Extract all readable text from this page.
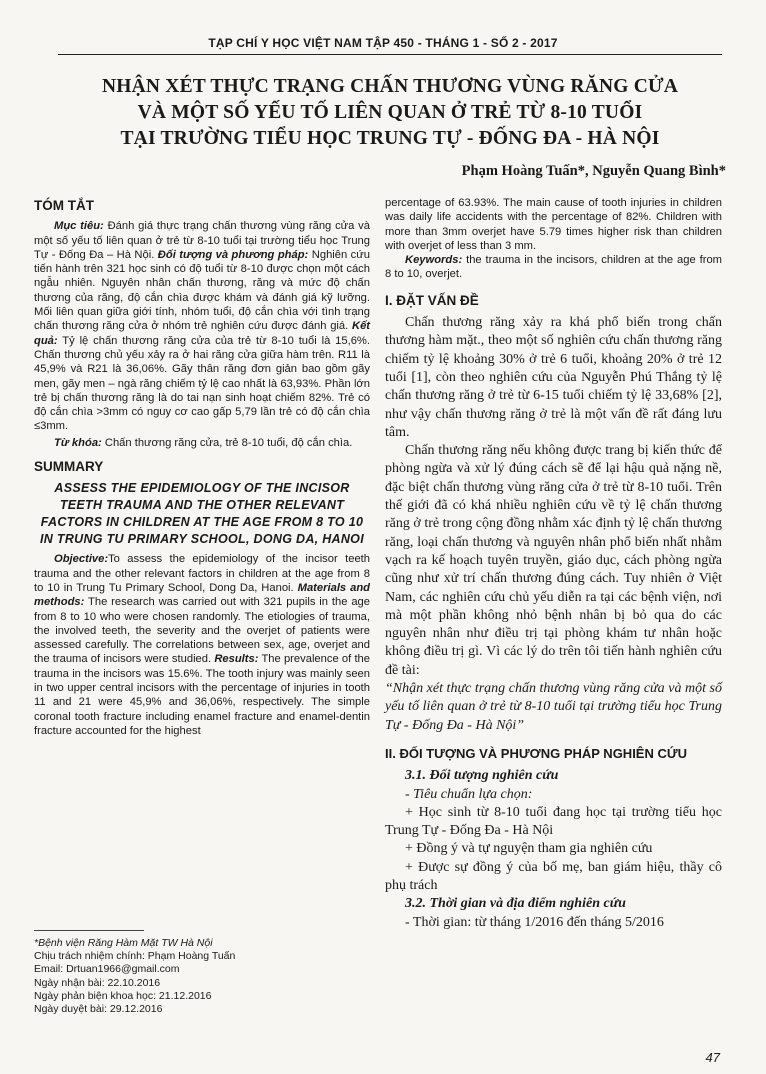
TẠP CHÍ Y HỌC VIỆT NAM TẬP 450 - THÁNG 1 - SỐ 2 - 2017
NHẬN XÉT THỰC TRẠNG CHẤN THƯƠNG VÙNG RĂNG CỬA
VÀ MỘT SỐ YẾU TỐ LIÊN QUAN Ở TRẺ TỪ 8-10 TUỔI
TẠI TRƯỜNG TIỂU HỌC TRUNG TỰ - ĐỐNG ĐA - HÀ NỘI
Phạm Hoàng Tuấn*, Nguyễn Quang Bình*
TÓM TẮT

Mục tiêu: Đánh giá thực trạng chấn thương vùng răng cửa và một số yếu tố liên quan ở trẻ từ 8-10 tuổi tại trường tiểu học Trung Tự - Đống Đa – Hà Nội. Đối tượng và phương pháp: Nghiên cứu tiến hành trên 321 học sinh có độ tuổi từ 8-10 được chọn một cách ngẫu nhiên. Nguyên nhân chấn thương, răng và mức độ chấn thương của răng, độ cắn chìa được khám và đánh giá kỹ lưỡng. Mối liên quan giữa giới tính, nhóm tuổi, độ cắn chìa với tình trạng chấn thương răng cửa ở nhóm trẻ nghiên cứu được đánh giá. Kết quả: Tỷ lệ chấn thương răng cửa của trẻ từ 8-10 tuổi là 15,6%. Chấn thương chủ yếu xảy ra ở hai răng cửa giữa hàm trên. R11 là 45,9% và R21 là 36,06%. Gãy thân răng đơn giản bao gồm gãy men, gãy men – ngà răng chiếm tỷ lệ cao nhất là 63,93%. Phần lớn trẻ bị chấn thương răng là do tai nạn sinh hoạt chiếm 82%. Trẻ có độ cắn chìa >3mm có nguy cơ cao gấp 5,79 lần trẻ có độ cắn chìa ≤3mm.

Từ khóa: Chấn thương răng cửa, trẻ 8-10 tuổi, độ cắn chìa.

SUMMARY
ASSESS THE EPIDEMIOLOGY OF THE INCISOR TEETH TRAUMA AND THE OTHER RELEVANT FACTORS IN CHILDREN AT THE AGE FROM 8 TO 10 IN TRUNG TU PRIMARY SCHOOL, DONG DA, HANOI

Objective:To assess the epidemiology of the incisor teeth trauma and the other relevant factors in children at the age from 8 to 10 in Trung Tu Primary School, Dong Da, Hanoi. Materials and methods: The research was carried out with 321 pupils in the age from 8 to 10 who were chosen randomly. The etiologies of trauma, the involved teeth, the severity and the overjet of patients were assessed carefully. The correlations between sex, age, overjet and the trauma of incisors were studied. Results: The prevalence of the trauma in the incisors was 15.6%. The tooth injury was mainly seen in two upper central incisors with the percentage of injuries in tooth 11 and 21 were 45,9% and 36,06%, respectively. The simple coronal tooth fracture including enamel fracture and enamel-dentin fracture accounted for the highest

*Bệnh viện Răng Hàm Mặt TW Hà Nội

Chịu trách nhiệm chính: Phạm Hoàng Tuấn

Email: Drtuan1966@gmail.com

Ngày nhận bài: 22.10.2016

Ngày phản biện khoa học: 21.12.2016

Ngày duyệt bài: 29.12.2016

percentage of 63.93%. The main cause of tooth injuries in children was daily life accidents with the percentage of 82%. Children with more than 3mm overjet have 5.79 times higher risk than children with overjet of less than 3 mm.

Keywords: the trauma in the incisors, children at the age from 8 to 10, overjet.

I. ĐẶT VẤN ĐỀ

Chấn thương răng xảy ra khá phổ biến trong chấn thương hàm mặt., theo một số nghiên cứu chấn thương răng chiếm tỷ lệ khoảng 30% ở trẻ 6 tuổi, khoảng 20% ở trẻ 12 tuổi [1], còn theo nghiên cứu của Nguyễn Phú Thắng tỷ lệ chấn thương răng ở trẻ từ 6-15 tuổi chiếm tỷ lệ 33,68% [2], như vậy chấn thương răng ở trẻ là một vấn đề rất đáng lưu tâm.

Chấn thương răng nếu không được trang bị kiến thức để phòng ngừa và xử lý đúng cách sẽ để lại hậu quả nặng nề, đặc biệt chấn thương vùng răng cửa ở trẻ từ 8-10 tuổi. Trên thế giới đã có khá nhiều nghiên cứu về tỷ lệ chấn thương răng ở trẻ trong cộng đồng nhằm xác định tỷ lệ chấn thương răng, loại chấn thương và nguyên nhân phổ biến nhất nhằm vạch ra kế hoạch tuyên truyền, giáo dục, cách phòng ngừa cũng như xử trí chấn thương đúng cách. Tuy nhiên ở Việt Nam, các nghiên cứu chủ yếu diễn ra tại các bệnh viện, nơi mà một phần không nhỏ bệnh nhân bị bỏ qua do các nguyên nhân như điều trị tại phòng khám tư nhân hoặc không điều trị gì. Vì các lý do trên tôi tiến hành nghiên cứu đề tài:

“Nhận xét thực trạng chấn thương vùng răng cửa và một số yếu tố liên quan ở trẻ từ 8-10 tuổi tại trường tiểu học Trung Tự - Đống Đa - Hà Nội”

II. ĐỐI TƯỢNG VÀ PHƯƠNG PHÁP NGHIÊN CỨU
3.1. Đối tượng nghiên cứu

- Tiêu chuẩn lựa chọn:

+ Học sinh từ 8-10 tuổi đang học tại trường tiểu học Trung Tự - Đống Đa - Hà Nội

+ Đồng ý và tự nguyện tham gia nghiên cứu

+ Được sự đồng ý của bố mẹ, ban giám hiệu, thầy cô phụ trách

3.2. Thời gian và địa điểm nghiên cứu

- Thời gian: từ tháng 1/2016 đến tháng 5/2016

47
